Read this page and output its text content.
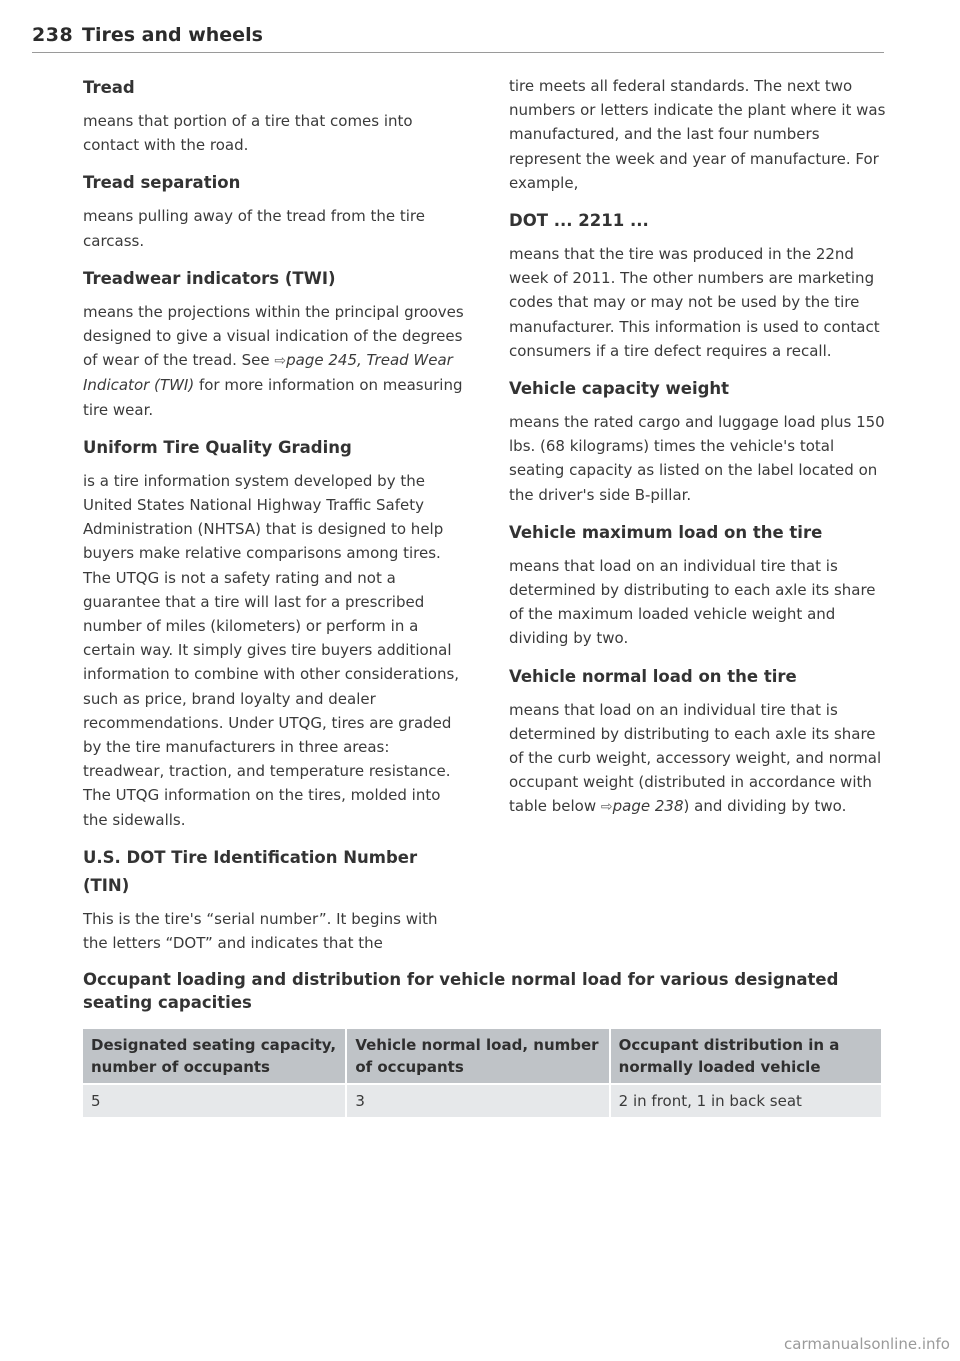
238 Tires and wheels
Tread

means that portion of a tire that comes into contact with the road.

Tread separation

means pulling away of the tread from the tire carcass.

Treadwear indicators (TWI)

means the projections within the principal grooves designed to give a visual indication of the degrees of wear of the tread. See ⇨page 245, Tread Wear Indicator (TWI) for more information on measuring tire wear.

Uniform Tire Quality Grading

is a tire information system developed by the United States National Highway Traffic Safety Administration (NHTSA) that is designed to help buyers make relative comparisons among tires. The UTQG is not a safety rating and not a guarantee that a tire will last for a prescribed number of miles (kilometers) or perform in a certain way. It simply gives tire buyers additional information to combine with other considerations, such as price, brand loyalty and dealer recommendations. Under UTQG, tires are graded by the tire manufacturers in three areas: treadwear, traction, and temperature resistance. The UTQG information on the tires, molded into the sidewalls.

U.S. DOT Tire Identification Number (TIN)

This is the tire's “serial number”. It begins with the letters “DOT” and indicates that the

tire meets all federal standards. The next two numbers or letters indicate the plant where it was manufactured, and the last four numbers represent the week and year of manufacture. For example,

DOT ... 2211 ...

means that the tire was produced in the 22nd week of 2011. The other numbers are marketing codes that may or may not be used by the tire manufacturer. This information is used to contact consumers if a tire defect requires a recall.

Vehicle capacity weight

means the rated cargo and luggage load plus 150 lbs. (68 kilograms) times the vehicle's total seating capacity as listed on the label located on the driver's side B-pillar.

Vehicle maximum load on the tire

means that load on an individual tire that is determined by distributing to each axle its share of the maximum loaded vehicle weight and dividing by two.

Vehicle normal load on the tire

means that load on an individual tire that is determined by distributing to each axle its share of the curb weight, accessory weight, and normal occupant weight (distributed in accordance with table below ⇨page 238) and dividing by two.

Occupant loading and distribution for vehicle normal load for various designated seating capacities
Designated seating capacity, number of occupants	Vehicle normal load, number of occupants	Occupant distribution in a normally loaded vehicle
5	3	2 in front, 1 in back seat
carmanualsonline.info
